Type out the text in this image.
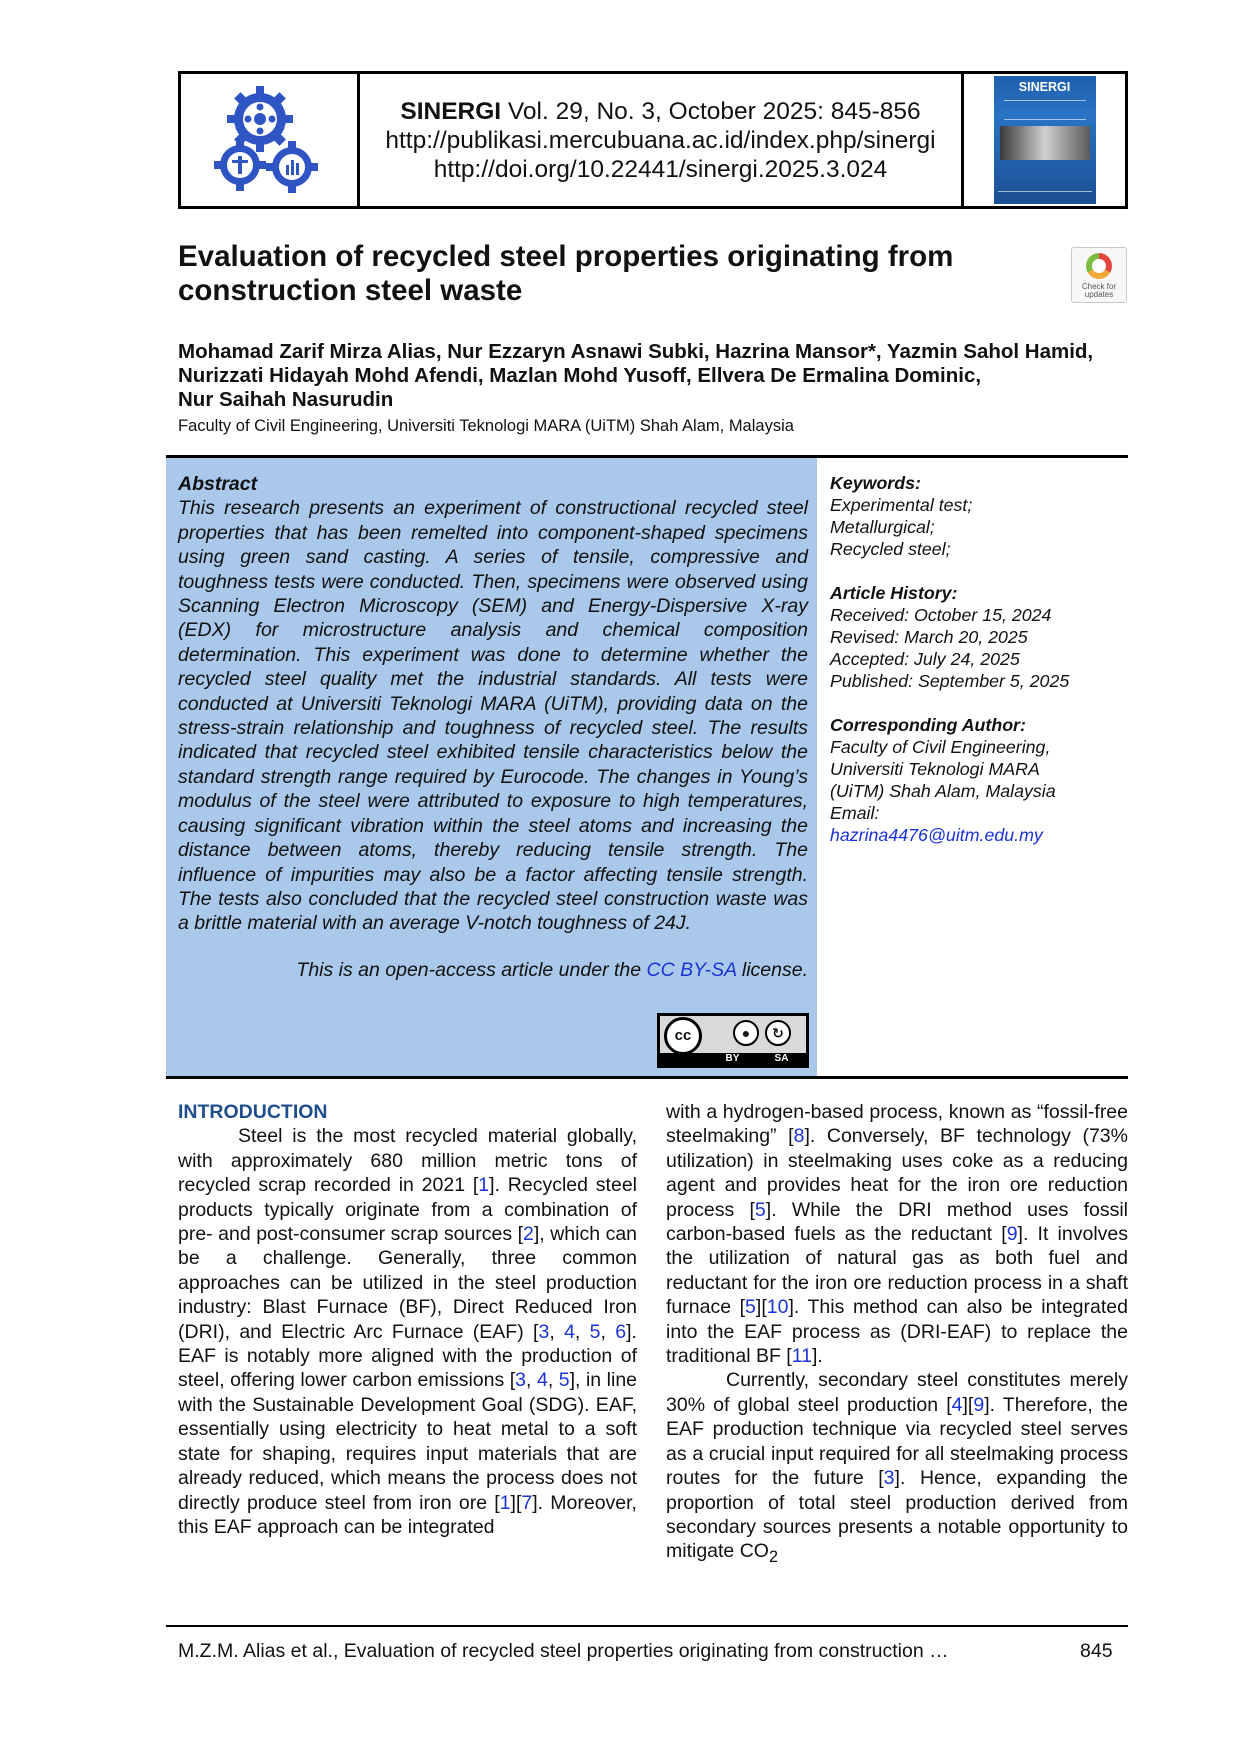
SINERGI Vol. 29, No. 3, October 2025: 845-856
http://publikasi.mercubuana.ac.id/index.php/sinergi
http://doi.org/10.22441/sinergi.2025.3.024
SINERGI
Evaluation of recycled steel properties originating from
construction steel waste	Check for updates
Mohamad Zarif Mirza Alias, Nur Ezzaryn Asnawi Subki, Hazrina Mansor*, Yazmin Sahol Hamid,
Nurizzati Hidayah Mohd Afendi, Mazlan Mohd Yusoff, Ellvera De Ermalina Dominic,
Nur Saihah Nasurudin
Faculty of Civil Engineering, Universiti Teknologi MARA (UiTM) Shah Alam, Malaysia
Abstract
This research presents an experiment of constructional recycled steel properties that has been remelted into component-shaped specimens using green sand casting. A series of tensile, compressive and toughness tests were conducted. Then, specimens were observed using Scanning Electron Microscopy (SEM) and Energy-Dispersive X-ray (EDX) for microstructure analysis and chemical composition determination. This experiment was done to determine whether the recycled steel quality met the industrial standards. All tests were conducted at Universiti Teknologi MARA (UiTM), providing data on the stress-strain relationship and toughness of recycled steel. The results indicated that recycled steel exhibited tensile characteristics below the standard strength range required by Eurocode. The changes in Young’s modulus of the steel were attributed to exposure to high temperatures, causing significant vibration within the steel atoms and increasing the distance between atoms, thereby reducing tensile strength. The influence of impurities may also be a factor affecting tensile strength. The tests also concluded that the recycled steel construction waste was a brittle material with an average V-notch toughness of 24J.
This is an open-access article under the CC BY-SA license.
cc	●	↻
BY	SA
Keywords:
Experimental test;
Metallurgical;
Recycled steel;
Article History:
Received: October 15, 2024
Revised: March 20, 2025
Accepted: July 24, 2025
Published: September 5, 2025
Corresponding Author:
Faculty of Civil Engineering,
Universiti Teknologi MARA
(UiTM) Shah Alam, Malaysia
Email:
hazrina4476@uitm.edu.my
INTRODUCTION

Steel is the most recycled material globally, with approximately 680 million metric tons of recycled scrap recorded in 2021 [1]. Recycled steel products typically originate from a combination of pre- and post-consumer scrap sources [2], which can be a challenge. Generally, three common approaches can be utilized in the steel production industry: Blast Furnace (BF), Direct Reduced Iron (DRI), and Electric Arc Furnace (EAF) [3, 4, 5, 6]. EAF is notably more aligned with the production of steel, offering lower carbon emissions [3, 4, 5], in line with the Sustainable Development Goal (SDG). EAF, essentially using electricity to heat metal to a soft state for shaping, requires input materials that are already reduced, which means the process does not directly produce steel from iron ore [1][7]. Moreover, this EAF approach can be integrated

with a hydrogen-based process, known as “fossil-free steelmaking” [8]. Conversely, BF technology (73% utilization) in steelmaking uses coke as a reducing agent and provides heat for the iron ore reduction process [5]. While the DRI method uses fossil carbon-based fuels as the reductant [9]. It involves the utilization of natural gas as both fuel and reductant for the iron ore reduction process in a shaft furnace [5][10]. This method can also be integrated into the EAF process as (DRI-EAF) to replace the traditional BF [11].

Currently, secondary steel constitutes merely 30% of global steel production [4][9]. Therefore, the EAF production technique via recycled steel serves as a crucial input required for all steelmaking process routes for the future [3]. Hence, expanding the proportion of total steel production derived from secondary sources presents a notable opportunity to mitigate $CO_2$

M.Z.M. Alias et al., Evaluation of recycled steel properties originating from construction …	845
